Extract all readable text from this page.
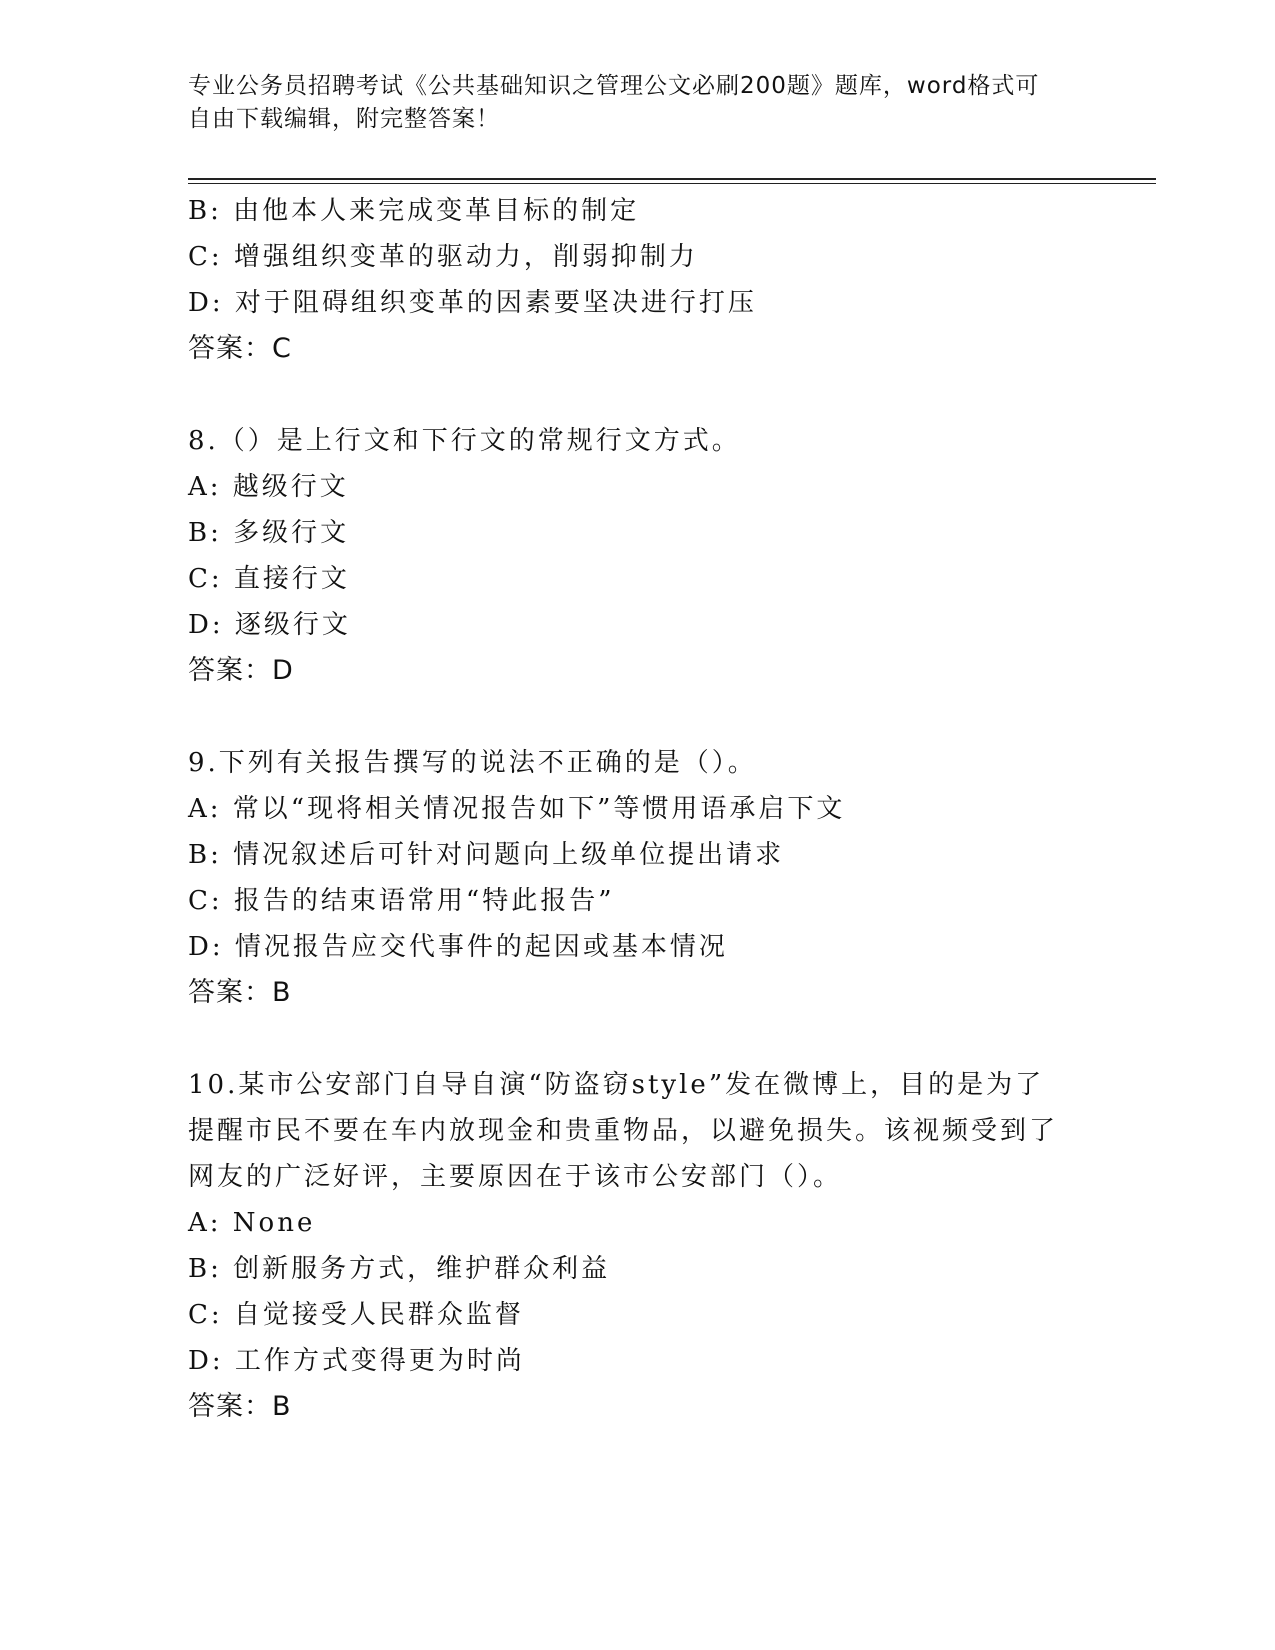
专业公务员招聘考试《公共基础知识之管理公文必刷200题》题库，word格式可
自由下载编辑，附完整答案！
B: 由他本人来完成变革目标的制定
C: 增强组织变革的驱动力，削弱抑制力
D: 对于阻碍组织变革的因素要坚决进行打压
答案：C
8.（）是上行文和下行文的常规行文方式。
A: 越级行文
B: 多级行文
C: 直接行文
D: 逐级行文
答案：D
9.下列有关报告撰写的说法不正确的是（）。
A: 常以“现将相关情况报告如下”等惯用语承启下文
B: 情况叙述后可针对问题向上级单位提出请求
C: 报告的结束语常用“特此报告”
D: 情况报告应交代事件的起因或基本情况
答案：B
10.某市公安部门自导自演“防盗窃style”发在微博上，目的是为了
提醒市民不要在车内放现金和贵重物品，以避免损失。该视频受到了
网友的广泛好评，主要原因在于该市公安部门（）。
A: None
B: 创新服务方式，维护群众利益
C: 自觉接受人民群众监督
D: 工作方式变得更为时尚
答案：B
